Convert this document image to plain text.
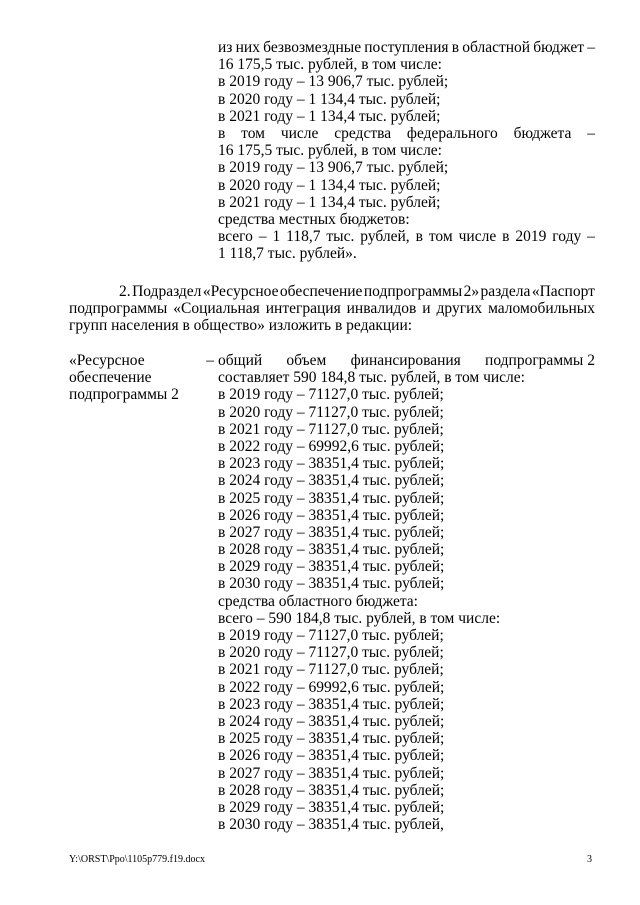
из них безвозмездные поступления в областной бюджет –
16 175,5 тыс. рублей, в том числе:
в 2019 году – 13 906,7 тыс. рублей;
в 2020 году – 1 134,4 тыс. рублей;
в 2021 году – 1 134,4 тыс. рублей;
в том числе средства федерального бюджета –
16 175,5 тыс. рублей, в том числе:
в 2019 году – 13 906,7 тыс. рублей;
в 2020 году – 1 134,4 тыс. рублей;
в 2021 году – 1 134,4 тыс. рублей;
средства местных бюджетов:
всего – 1 118,7 тыс. рублей, в том числе в 2019 году –
1 118,7 тыс. рублей».
2. Подраздел «Ресурсное обеспечение подпрограммы 2» раздела «Паспорт
подпрограммы «Социальная интеграция инвалидов и других маломобильных
групп населения в общество» изложить в редакции:
«Ресурсное	–
обеспечение
подпрограммы 2
общий объем финансирования подпрограммы 2
составляет 590 184,8 тыс. рублей, в том числе:
в 2019 году – 71127,0 тыс. рублей;
в 2020 году – 71127,0 тыс. рублей;
в 2021 году – 71127,0 тыс. рублей;
в 2022 году – 69992,6 тыс. рублей;
в 2023 году – 38351,4 тыс. рублей;
в 2024 году – 38351,4 тыс. рублей;
в 2025 году – 38351,4 тыс. рублей;
в 2026 году – 38351,4 тыс. рублей;
в 2027 году – 38351,4 тыс. рублей;
в 2028 году – 38351,4 тыс. рублей;
в 2029 году – 38351,4 тыс. рублей;
в 2030 году – 38351,4 тыс. рублей;
средства областного бюджета:
всего – 590 184,8 тыс. рублей, в том числе:
в 2019 году – 71127,0 тыс. рублей;
в 2020 году – 71127,0 тыс. рублей;
в 2021 году – 71127,0 тыс. рублей;
в 2022 году – 69992,6 тыс. рублей;
в 2023 году – 38351,4 тыс. рублей;
в 2024 году – 38351,4 тыс. рублей;
в 2025 году – 38351,4 тыс. рублей;
в 2026 году – 38351,4 тыс. рублей;
в 2027 году – 38351,4 тыс. рублей;
в 2028 году – 38351,4 тыс. рублей;
в 2029 году – 38351,4 тыс. рублей;
в 2030 году – 38351,4 тыс. рублей,
Y:\ORST\Ppo\1105p779.f19.docx	3
